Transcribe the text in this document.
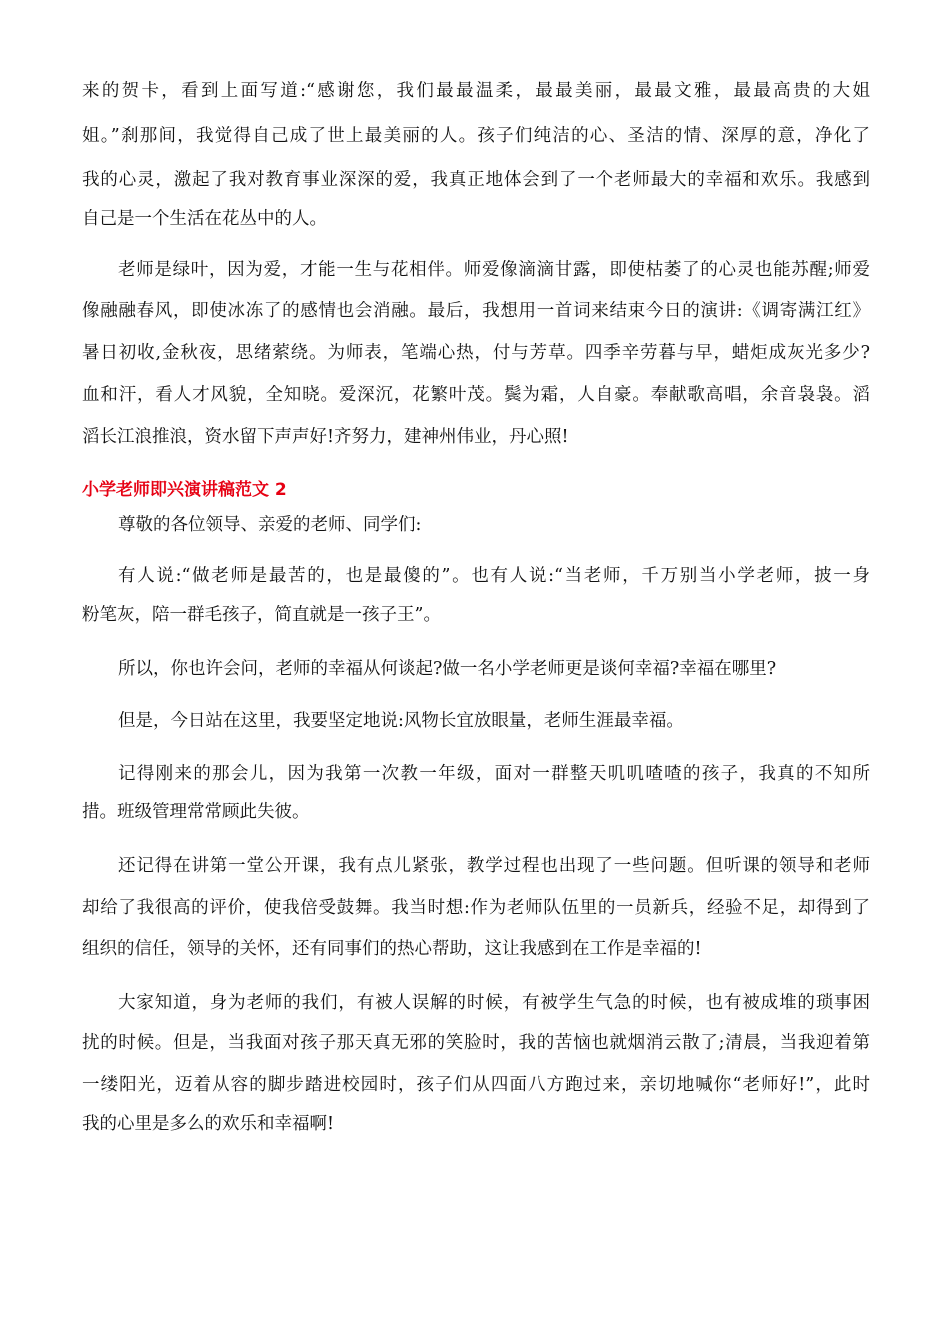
来的贺卡，看到上面写道:“感谢您，我们最最温柔，最最美丽，最最文雅，最最高贵的大姐
姐。”刹那间，我觉得自己成了世上最美丽的人。孩子们纯洁的心、圣洁的情、深厚的意，净化了
我的心灵，激起了我对教育事业深深的爱，我真正地体会到了一个老师最大的幸福和欢乐。我感到
自己是一个生活在花丛中的人。
老师是绿叶，因为爱，才能一生与花相伴。师爱像滴滴甘露，即使枯萎了的心灵也能苏醒;师爱
像融融春风，即使冰冻了的感情也会消融。最后，我想用一首词来结束今日的演讲:《调寄满江红》
暑日初收,金秋夜，思绪萦绕。为师表，笔端心热，付与芳草。四季辛劳暮与早，蜡炬成灰光多少?
血和汗，看人才风貌，全知晓。爱深沉，花繁叶茂。鬓为霜，人自豪。奉献歌高唱，余音袅袅。滔
滔长江浪推浪，资水留下声声好!齐努力，建神州伟业，丹心照!
小学老师即兴演讲稿范文 2
尊敬的各位领导、亲爱的老师、同学们:
有人说:“做老师是最苦的，也是最傻的”。也有人说:“当老师，千万别当小学老师，披一身
粉笔灰，陪一群毛孩子，简直就是一孩子王”。
所以，你也许会问，老师的幸福从何谈起?做一名小学老师更是谈何幸福?幸福在哪里?
但是，今日站在这里，我要坚定地说:风物长宜放眼量，老师生涯最幸福。
记得刚来的那会儿，因为我第一次教一年级，面对一群整天叽叽喳喳的孩子，我真的不知所
措。班级管理常常顾此失彼。
还记得在讲第一堂公开课，我有点儿紧张，教学过程也出现了一些问题。但听课的领导和老师
却给了我很高的评价，使我倍受鼓舞。我当时想:作为老师队伍里的一员新兵，经验不足，却得到了
组织的信任，领导的关怀，还有同事们的热心帮助，这让我感到在工作是幸福的!
大家知道，身为老师的我们，有被人误解的时候，有被学生气急的时候，也有被成堆的琐事困
扰的时候。但是，当我面对孩子那天真无邪的笑脸时，我的苦恼也就烟消云散了;清晨，当我迎着第
一缕阳光，迈着从容的脚步踏进校园时，孩子们从四面八方跑过来，亲切地喊你“老师好!”，此时
我的心里是多么的欢乐和幸福啊!
